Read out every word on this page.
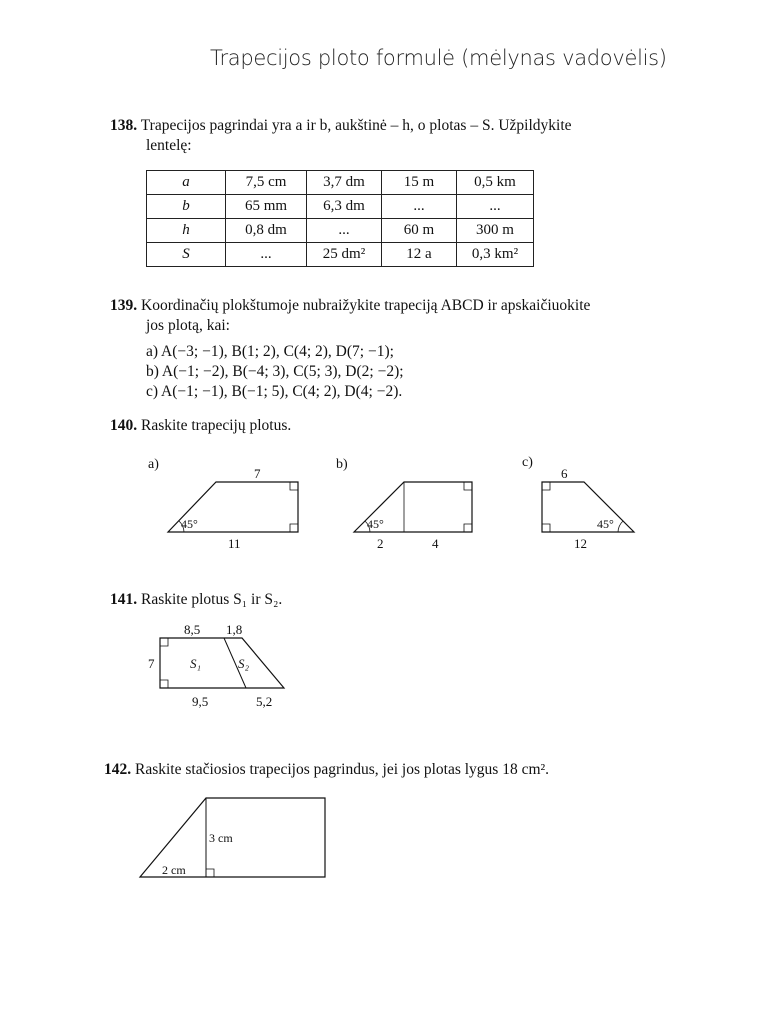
Trapecijos ploto formulė (mėlynas vadovėlis)
138. Trapecijos pagrindai yra a ir b, aukštinė – h, o plotas – S. Užpildykite
lentelę:
a	7,5 cm	3,7 dm	15 m	0,5 km
b	65 mm	6,3 dm	...	...
h	0,8 dm	...	60 m	300 m
S	...	25 dm²	12 a	0,3 km²
139. Koordinačių plokštumoje nubraižykite trapeciją ABCD ir apskaičiuokite
jos plotą, kai:
a) A(−3; −1), B(1; 2), C(4; 2), D(7; −1);
b) A(−1; −2), B(−4; 3), C(5; 3), D(2; −2);
c) A(−1; −1), B(−1; 5), C(4; 2), D(4; −2).
140. Raskite trapecijų plotus.
a)
45°
7
11
b)
45°
2	4
c)
45°
6
12
141. Raskite plotus S₁ ir S₂.
8,5 1,8
7	S₁	S₂
9,5	5,2
142. Raskite stačiosios trapecijos pagrindus, jei jos plotas lygus 18 cm².
3 cm
2 cm
